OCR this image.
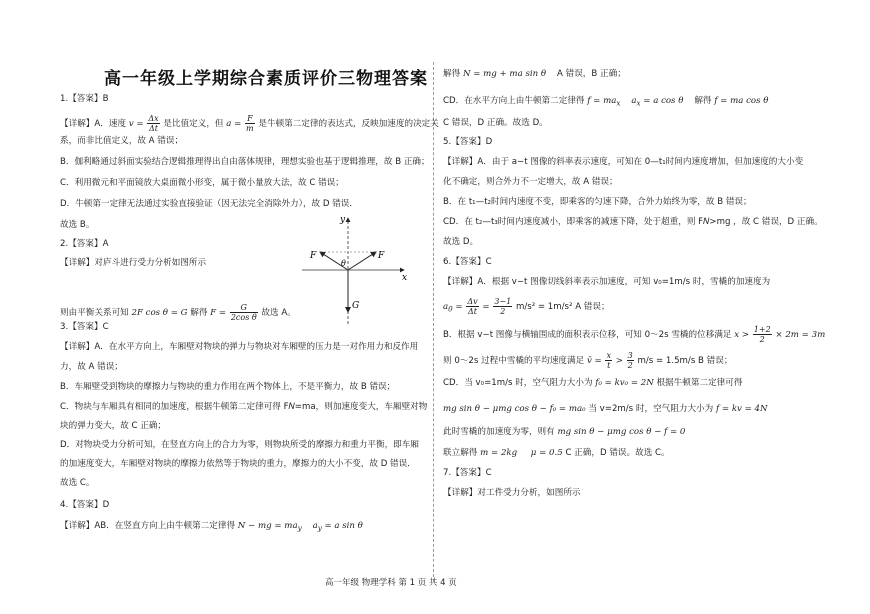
高一年级上学期综合素质评价三物理答案
1.【答案】B
【详解】A．速度 $v = \frac{\Delta x}{\Delta t}$ 是比值定义，但 $a = \frac{F}{m}$ 是牛顿第二定律的表达式，反映加速度的决定关
系，而非比值定义，故 A 错误；
B．伽利略通过斜面实验结合逻辑推理得出自由落体规律，理想实验也基于逻辑推理，故 B 正确；
C．利用微元和平面镜放大桌面微小形变，属于微小量放大法，故 C 错误；
D．牛顿第一定律无法通过实验直接验证（因无法完全消除外力），故 D 错误．
故选 B。
2.【答案】A
【详解】对庐斗进行受力分析如图所示
则由平衡关系可知 2F cos θ = G 解得 $F = \frac{G}{\text{2cos θ}}$ 故选 A。
3.【答案】C
【详解】A．在水平方向上，车厢壁对物块的弹力与物块对车厢壁的压力是一对作用力和反作用
力，故 A 错误；
B．车厢壁受到物块的摩擦力与物块的重力作用在两个物体上，不是平衡力，故 B 错误；
C．物块与车厢具有相同的加速度，根据牛顿第二定律可得 F𝑁=ma，则加速度变大，车厢壁对物
块的弹力变大，故 C 正确；
D．对物块受力分析可知，在竖直方向上的合力为零，则物块所受的摩擦力和重力平衡，即车厢
的加速度变大，车厢壁对物块的摩擦力依然等于物块的重力，摩擦力的大小不变，故 D 错误．
故选 C。
4.【答案】D
【详解】AB．在竖直方向上由牛顿第二定律得 N − mg = $ma_y$ $a_y = a$ sin θ
y
x
F	F
θ
G
解得 N = mg + ma sin θ A 错误，B 正确；
CD．在水平方向上由牛顿第二定律得 $f = ma_x$ $a_x = a$ cos θ 解得 f = ma cos θ
C 错误，D 正确。故选 D。
5.【答案】D
【详解】A．由于 a−t 图像的斜率表示速度，可知在 0—t₁时间内速度增加，但加速度的大小变
化不确定，则合外力不一定增大，故 A 错误；
B．在 t₁—t₂时间内速度不变，即乘客的匀速下降，合外力始终为零，故 B 错误；
CD．在 t₂—t₃时间内速度减小，即乘客的减速下降，处于超重，则 F𝑁>mg ，故 C 错误，D 正确。
故选 D。
6.【答案】C
【详解】A．根据 v−t 图像切线斜率表示加速度，可知 v₀=1m/s 时，雪橇的加速度为
$a_0 = \frac{\Delta v}{\Delta t} = \frac{3-1}{2} m/s^2 = 1m/s^2$ A 错误；
B．根据 v−t 图像与横轴围成的面积表示位移，可知 0～2s 雪橇的位移满足 $x > \frac{1+2}{2} \times 2m = 3m$
则 0～2s 过程中雪橇的平均速度满足 v̄ = $\frac{x}{t} > \frac{3}{2} m/s = 1.5m/s$ B 错误；
CD．当 v₀=1m/s 时，空气阻力大小为 f₀ = kv₀ = 2N 根据牛顿第二定律可得
mg sin θ − μmg cos θ − f₀ = ma₀ 当 v=2m/s 时，空气阻力大小为 f = kv = 4N
此时雪橇的加速度为零，则有 mg sin θ − μmg cos θ − f = 0
联立解得 m = 2kg μ = 0.5 C 正确，D 错误。故选 C。
7.【答案】C
【详解】对工件受力分析，如图所示
高一年级 物理学科 第 1 页 共 4 页
